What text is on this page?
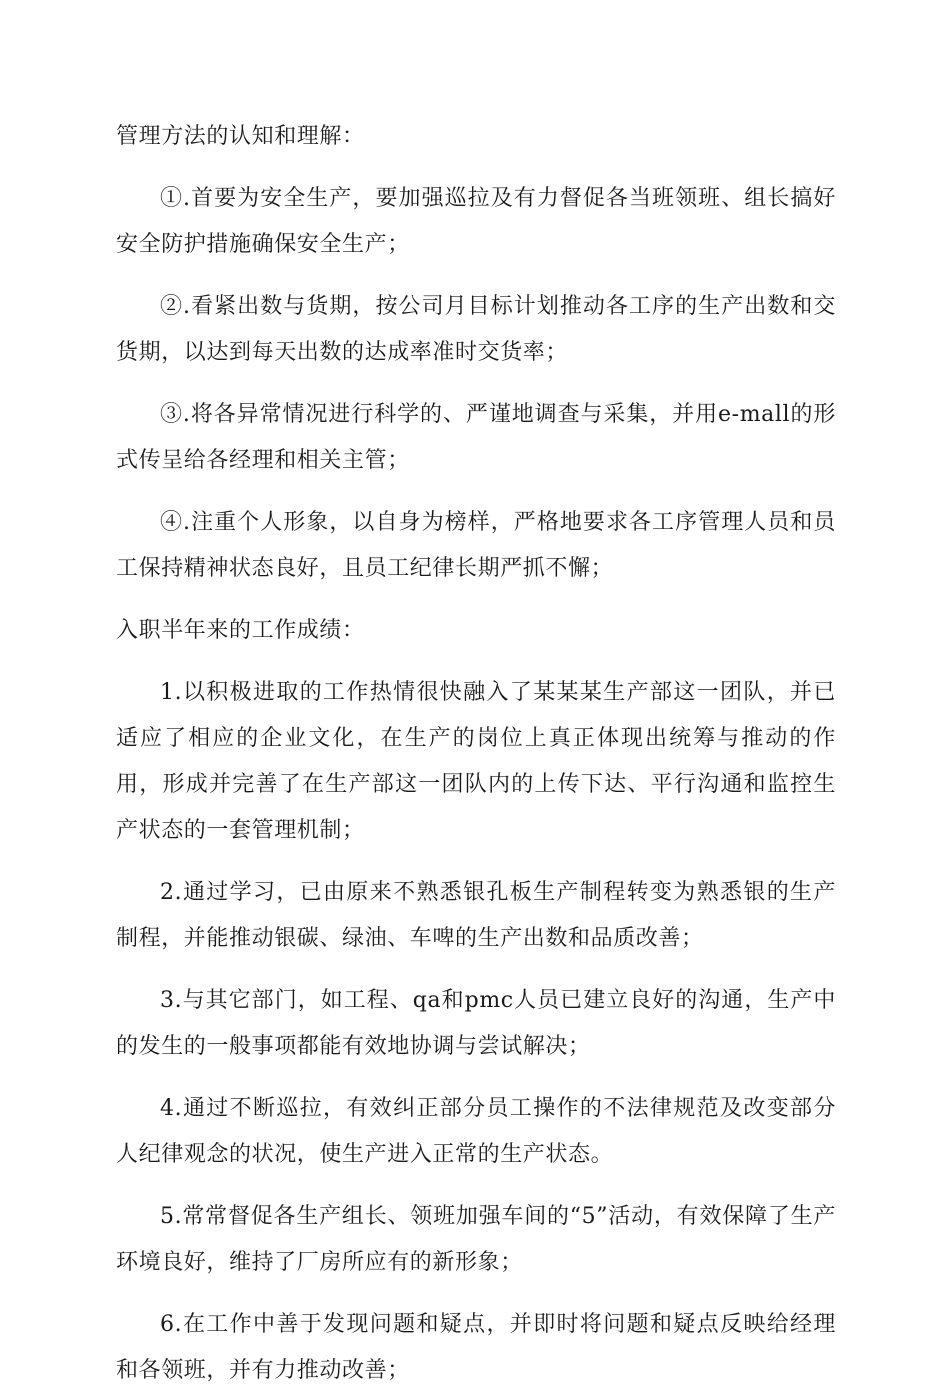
管理方法的认知和理解：

①.首要为安全生产，要加强巡拉及有力督促各当班领班、组长搞好安全防护措施确保安全生产；

②.看紧出数与货期，按公司月目标计划推动各工序的生产出数和交货期，以达到每天出数的达成率准时交货率；

③.将各异常情况进行科学的、严谨地调查与采集，并用e-mall的形式传呈给各经理和相关主管；

④.注重个人形象，以自身为榜样，严格地要求各工序管理人员和员工保持精神状态良好，且员工纪律长期严抓不懈；

入职半年来的工作成绩：

1.以积极进取的工作热情很快融入了某某某生产部这一团队，并已适应了相应的企业文化，在生产的岗位上真正体现出统筹与推动的作用，形成并完善了在生产部这一团队内的上传下达、平行沟通和监控生产状态的一套管理机制；

2.通过学习，已由原来不熟悉银孔板生产制程转变为熟悉银的生产制程，并能推动银碳、绿油、车啤的生产出数和品质改善；

3.与其它部门，如工程、qa和pmc人员已建立良好的沟通，生产中的发生的一般事项都能有效地协调与尝试解决；

4.通过不断巡拉，有效纠正部分员工操作的不法律规范及改变部分人纪律观念的状况，使生产进入正常的生产状态。

5.常常督促各生产组长、领班加强车间的“5”活动，有效保障了生产环境良好，维持了厂房所应有的新形象；

6.在工作中善于发现问题和疑点，并即时将问题和疑点反映给经理和各领班，并有力推动改善；
